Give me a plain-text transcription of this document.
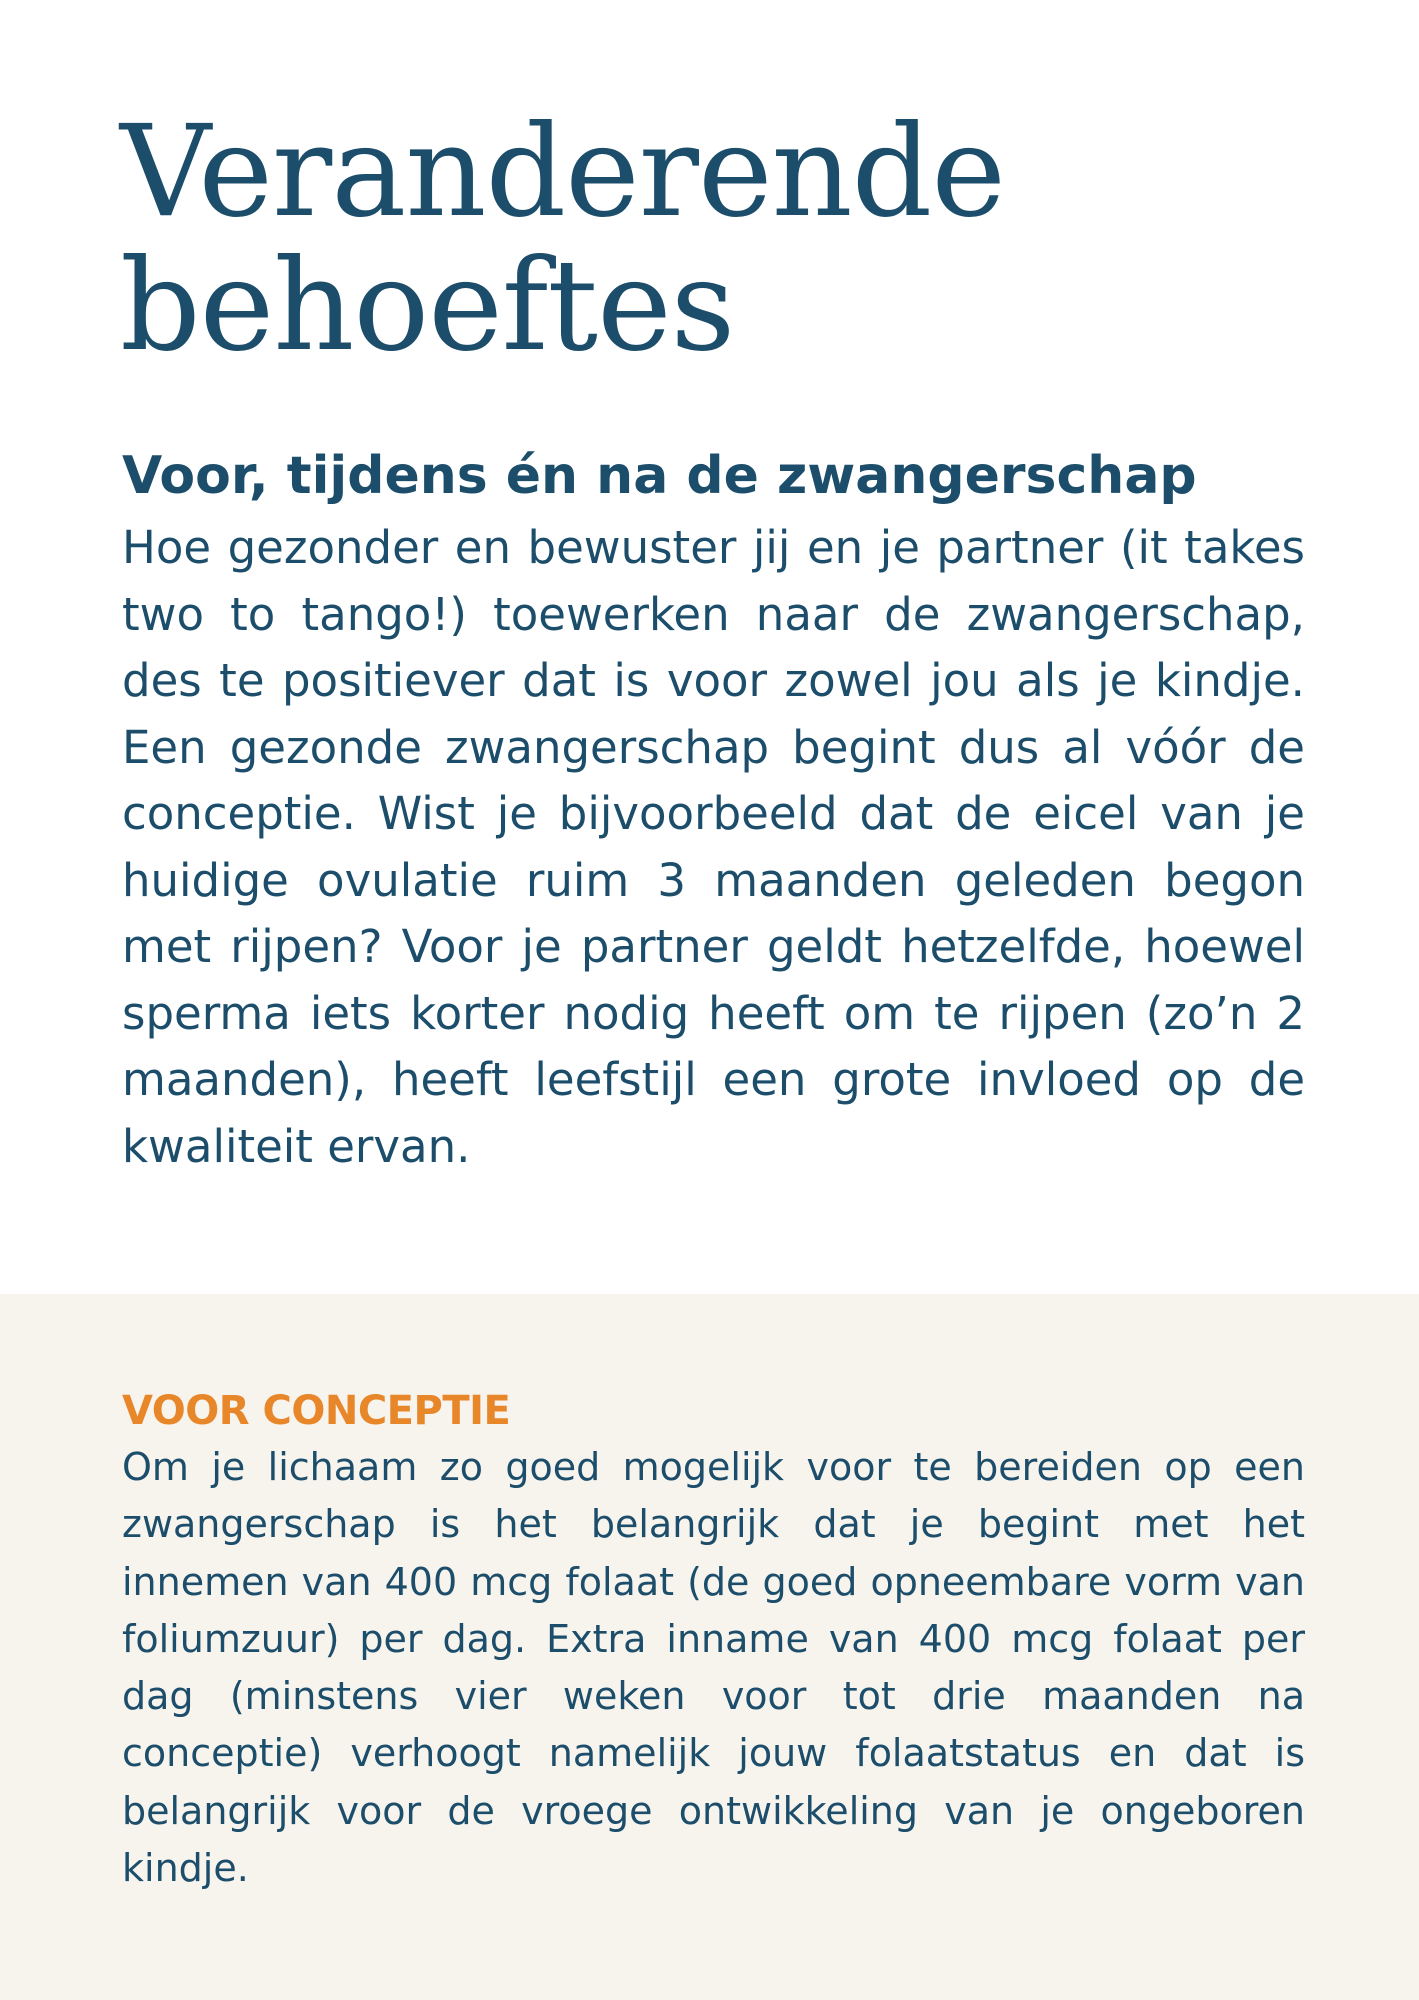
Veranderende behoeftes
Voor, tijdens én na de zwangerschap

Hoe gezonder en bewuster jij en je partner (it takes two to tango!) toewerken naar de zwangerschap, des te positiever dat is voor zowel jou als je kindje. Een gezonde zwangerschap begint dus al vóór de conceptie. Wist je bijvoorbeeld dat de eicel van je huidige ovulatie ruim 3 maanden geleden begon met rijpen? Voor je partner geldt hetzelfde, hoewel sperma iets korter nodig heeft om te rijpen (zo’n 2 maanden), heeft leefstijl een grote invloed op de kwaliteit ervan.

VOOR CONCEPTIE

Om je lichaam zo goed mogelijk voor te bereiden op een zwangerschap is het belangrijk dat je begint met het innemen van 400 mcg folaat (de goed opneembare vorm van foliumzuur) per dag. Extra inname van 400 mcg folaat per dag (minstens vier weken voor tot drie maanden na conceptie) verhoogt namelijk jouw folaatstatus en dat is belangrijk voor de vroege ontwikkeling van je ongeboren kindje.
